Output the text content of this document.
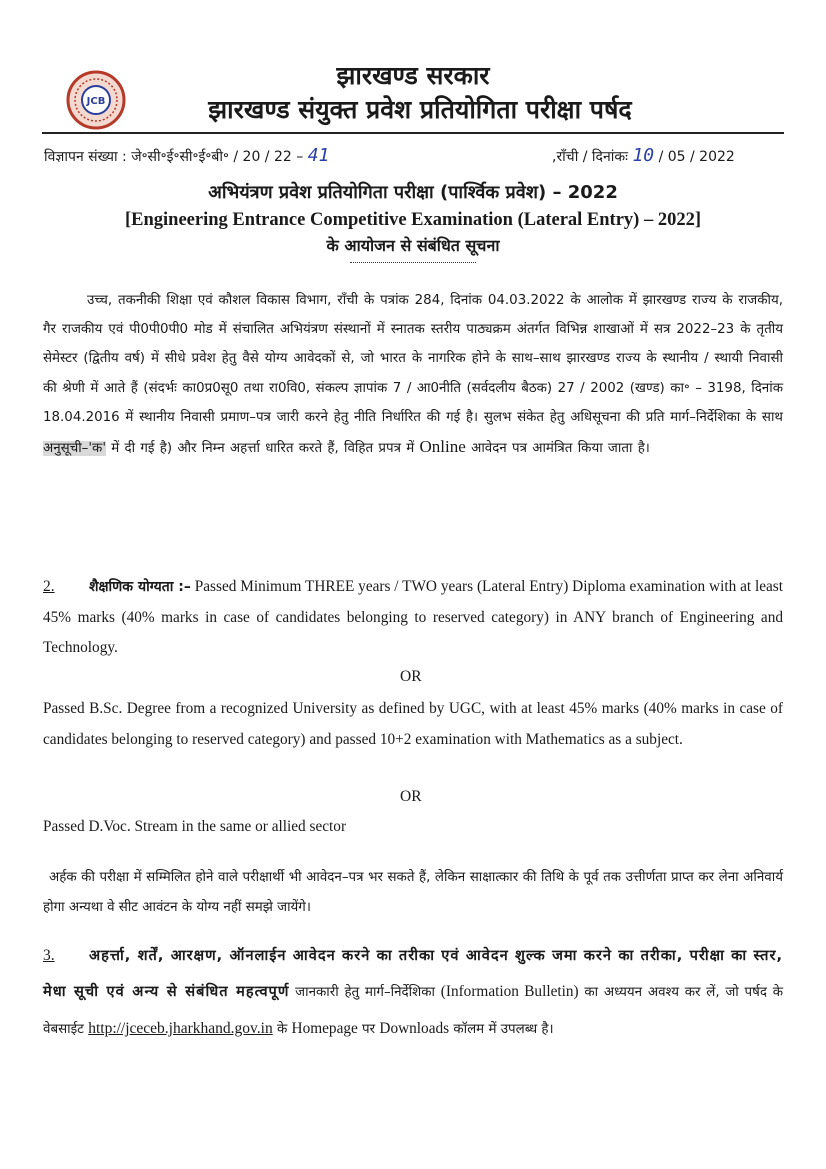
JCB
झारखण्ड सरकार
झारखण्ड संयुक्त प्रवेश प्रतियोगिता परीक्षा पर्षद
विज्ञापन संख्या : जे॰सी॰ई॰सी॰ई॰बी॰ / 20 / 22 – 41	,राँची / दिनांकः 10 / 05 / 2022
अभियंत्रण प्रवेश प्रतियोगिता परीक्षा (पार्श्विक प्रवेश) – 2022
[Engineering Entrance Competitive Examination (Lateral Entry) – 2022]
के आयोजन से संबंधित सूचना
उच्च, तकनीकी शिक्षा एवं कौशल विकास विभाग, राँची के पत्रांक 284, दिनांक 04.03.2022 के आलोक में झारखण्ड राज्य के राजकीय, गैर राजकीय एवं पी0पी0पी0 मोड में संचालित अभियंत्रण संस्थानों में स्नातक स्तरीय पाठ्यक्रम अंतर्गत विभिन्न शाखाओं में सत्र 2022–23 के तृतीय सेमेस्टर (द्वितीय वर्ष) में सीधे प्रवेश हेतु वैसे योग्य आवेदकों से, जो भारत के नागरिक होने के साथ–साथ झारखण्ड राज्य के स्थानीय / स्थायी निवासी की श्रेणी में आते हैं (संदर्भः का0प्र0सू0 तथा रा0वि0, संकल्प ज्ञापांक 7 / आ0नीति (सर्वदलीय बैठक) 27 / 2002 (खण्ड) का॰ – 3198, दिनांक 18.04.2016 में स्थानीय निवासी प्रमाण–पत्र जारी करने हेतु नीति निर्धारित की गई है। सुलभ संकेत हेतु अधिसूचना की प्रति मार्ग–निर्देशिका के साथ अनुसूची–'क' में दी गई है) और निम्न अहर्त्ता धारित करते हैं, विहित प्रपत्र में Online आवेदन पत्र आमंत्रित किया जाता है।
2. शैक्षणिक योग्यता :– Passed Minimum THREE years / TWO years (Lateral Entry) Diploma examination with at least 45% marks (40% marks in case of candidates belonging to reserved category) in ANY branch of Engineering and Technology.
OR
Passed B.Sc. Degree from a recognized University as defined by UGC, with at least 45% marks (40% marks in case of candidates belonging to reserved category) and passed 10+2 examination with Mathematics as a subject.
OR
Passed D.Voc. Stream in the same or allied sector
अर्हक की परीक्षा में सम्मिलित होने वाले परीक्षार्थी भी आवेदन–पत्र भर सकते हैं, लेकिन साक्षात्कार की तिथि के पूर्व तक उत्तीर्णता प्राप्त कर लेना अनिवार्य होगा अन्यथा वे सीट आवंटन के योग्य नहीं समझे जायेंगे।
3. अहर्त्ता, शर्तें, आरक्षण, ऑनलाईन आवेदन करने का तरीका एवं आवेदन शुल्क जमा करने का तरीका, परीक्षा का स्तर, मेधा सूची एवं अन्य से संबंधित महत्वपूर्ण जानकारी हेतु मार्ग–निर्देशिका (Information Bulletin) का अध्ययन अवश्य कर लें, जो पर्षद के वेबसाईट http://jceceb.jharkhand.gov.in के Homepage पर Downloads कॉलम में उपलब्ध है।
